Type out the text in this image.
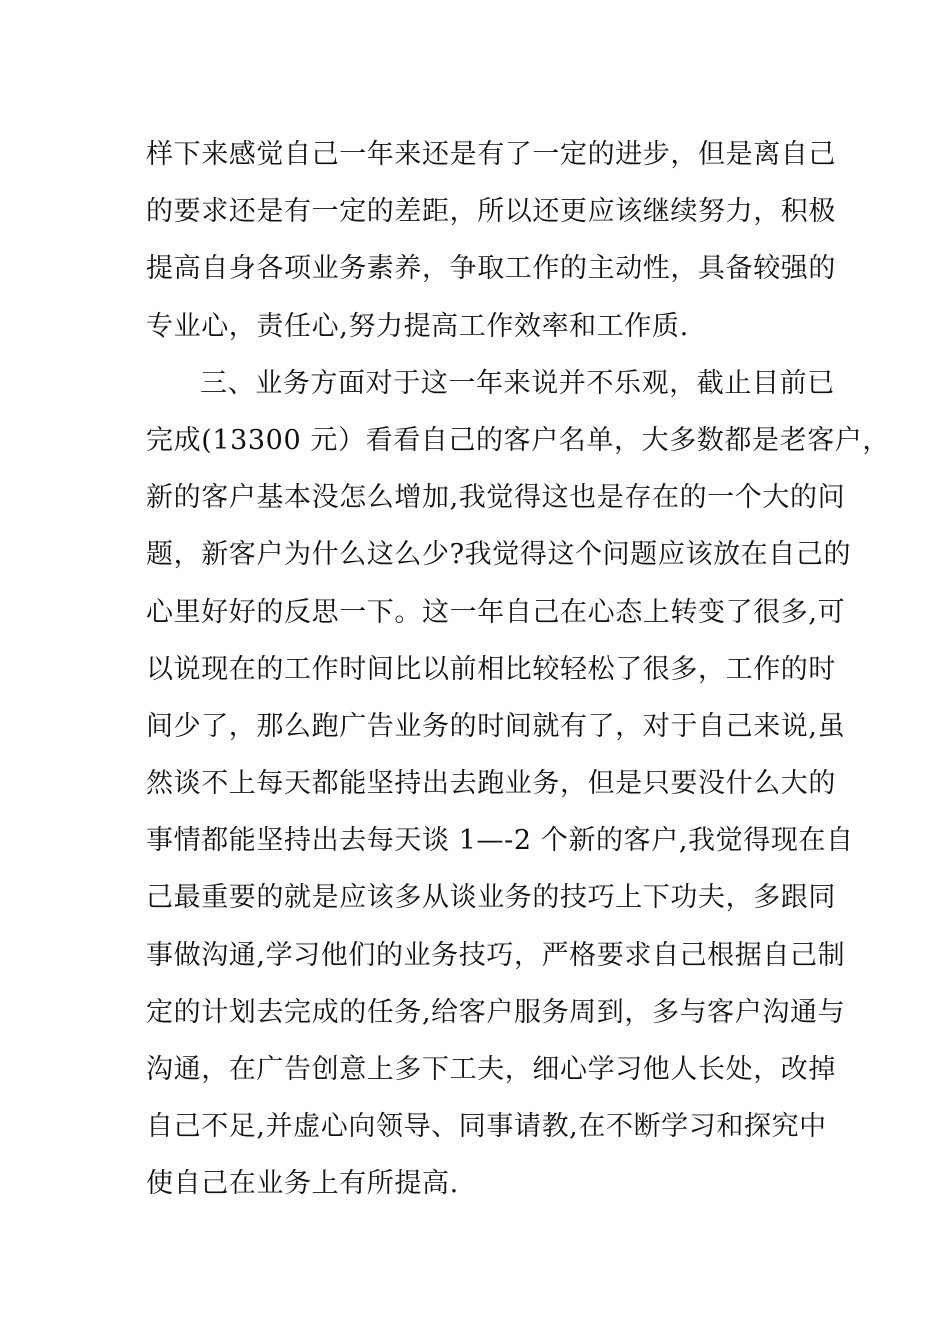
样下来感觉自己一年来还是有了一定的进步，但是离自己
的要求还是有一定的差距，所以还更应该继续努力，积极
提高自身各项业务素养，争取工作的主动性，具备较强的
专业心，责任心,努力提高工作效率和工作质.
三、业务方面对于这一年来说并不乐观，截止目前已
完成(13300 元）看看自己的客户名单，大多数都是老客户，
新的客户基本没怎么增加,我觉得这也是存在的一个大的问
题，新客户为什么这么少?我觉得这个问题应该放在自己的
心里好好的反思一下。这一年自己在心态上转变了很多,可
以说现在的工作时间比以前相比较轻松了很多，工作的时
间少了，那么跑广告业务的时间就有了，对于自己来说,虽
然谈不上每天都能坚持出去跑业务，但是只要没什么大的
事情都能坚持出去每天谈 1—-2 个新的客户,我觉得现在自
己最重要的就是应该多从谈业务的技巧上下功夫，多跟同
事做沟通,学习他们的业务技巧，严格要求自己根据自己制
定的计划去完成的任务,给客户服务周到，多与客户沟通与
沟通，在广告创意上多下工夫，细心学习他人长处，改掉
自己不足,并虚心向领导、同事请教,在不断学习和探究中
使自己在业务上有所提高.
